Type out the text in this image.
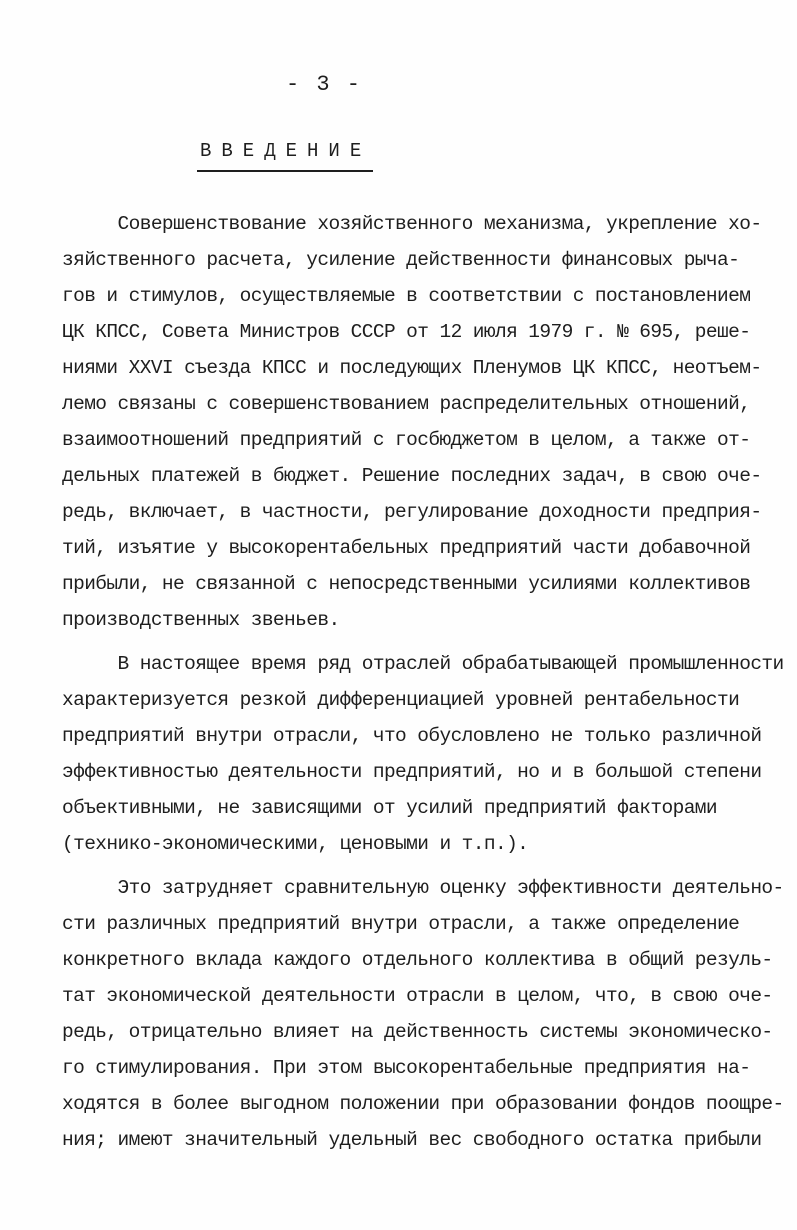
- 3 -
ВВЕДЕНИЕ
Совершенствование хозяйственного механизма, укрепление хо-
зяйственного расчета, усиление действенности финансовых рыча-
гов и стимулов, осуществляемые в соответствии с постановлением
ЦК КПСС, Совета Министров СССР от 12 июля 1979 г. № 695, реше-
ниями XXVI съезда КПСС и последующих Пленумов ЦК КПСС, неотъем-
лемо связаны с совершенствованием распределительных отношений,
взаимоотношений предприятий с госбюджетом в целом, а также от-
дельных платежей в бюджет. Решение последних задач, в свою оче-
редь, включает, в частности, регулирование доходности предприя-
тий, изъятие у высокорентабельных предприятий части добавочной
прибыли, не связанной с непосредственными усилиями коллективов
производственных звеньев.
В настоящее время ряд отраслей обрабатывающей промышленности
характеризуется резкой дифференциацией уровней рентабельности
предприятий внутри отрасли, что обусловлено не только различной
эффективностью деятельности предприятий, но и в большой степени
объективными, не зависящими от усилий предприятий факторами
(технико-экономическими, ценовыми и т.п.).
Это затрудняет сравнительную оценку эффективности деятельно-
сти различных предприятий внутри отрасли, а также определение
конкретного вклада каждого отдельного коллектива в общий резуль-
тат экономической деятельности отрасли в целом, что, в свою оче-
редь, отрицательно влияет на действенность системы экономическо-
го стимулирования. При этом высокорентабельные предприятия на-
ходятся в более выгодном положении при образовании фондов поощре-
ния; имеют значительный удельный вес свободного остатка прибыли
